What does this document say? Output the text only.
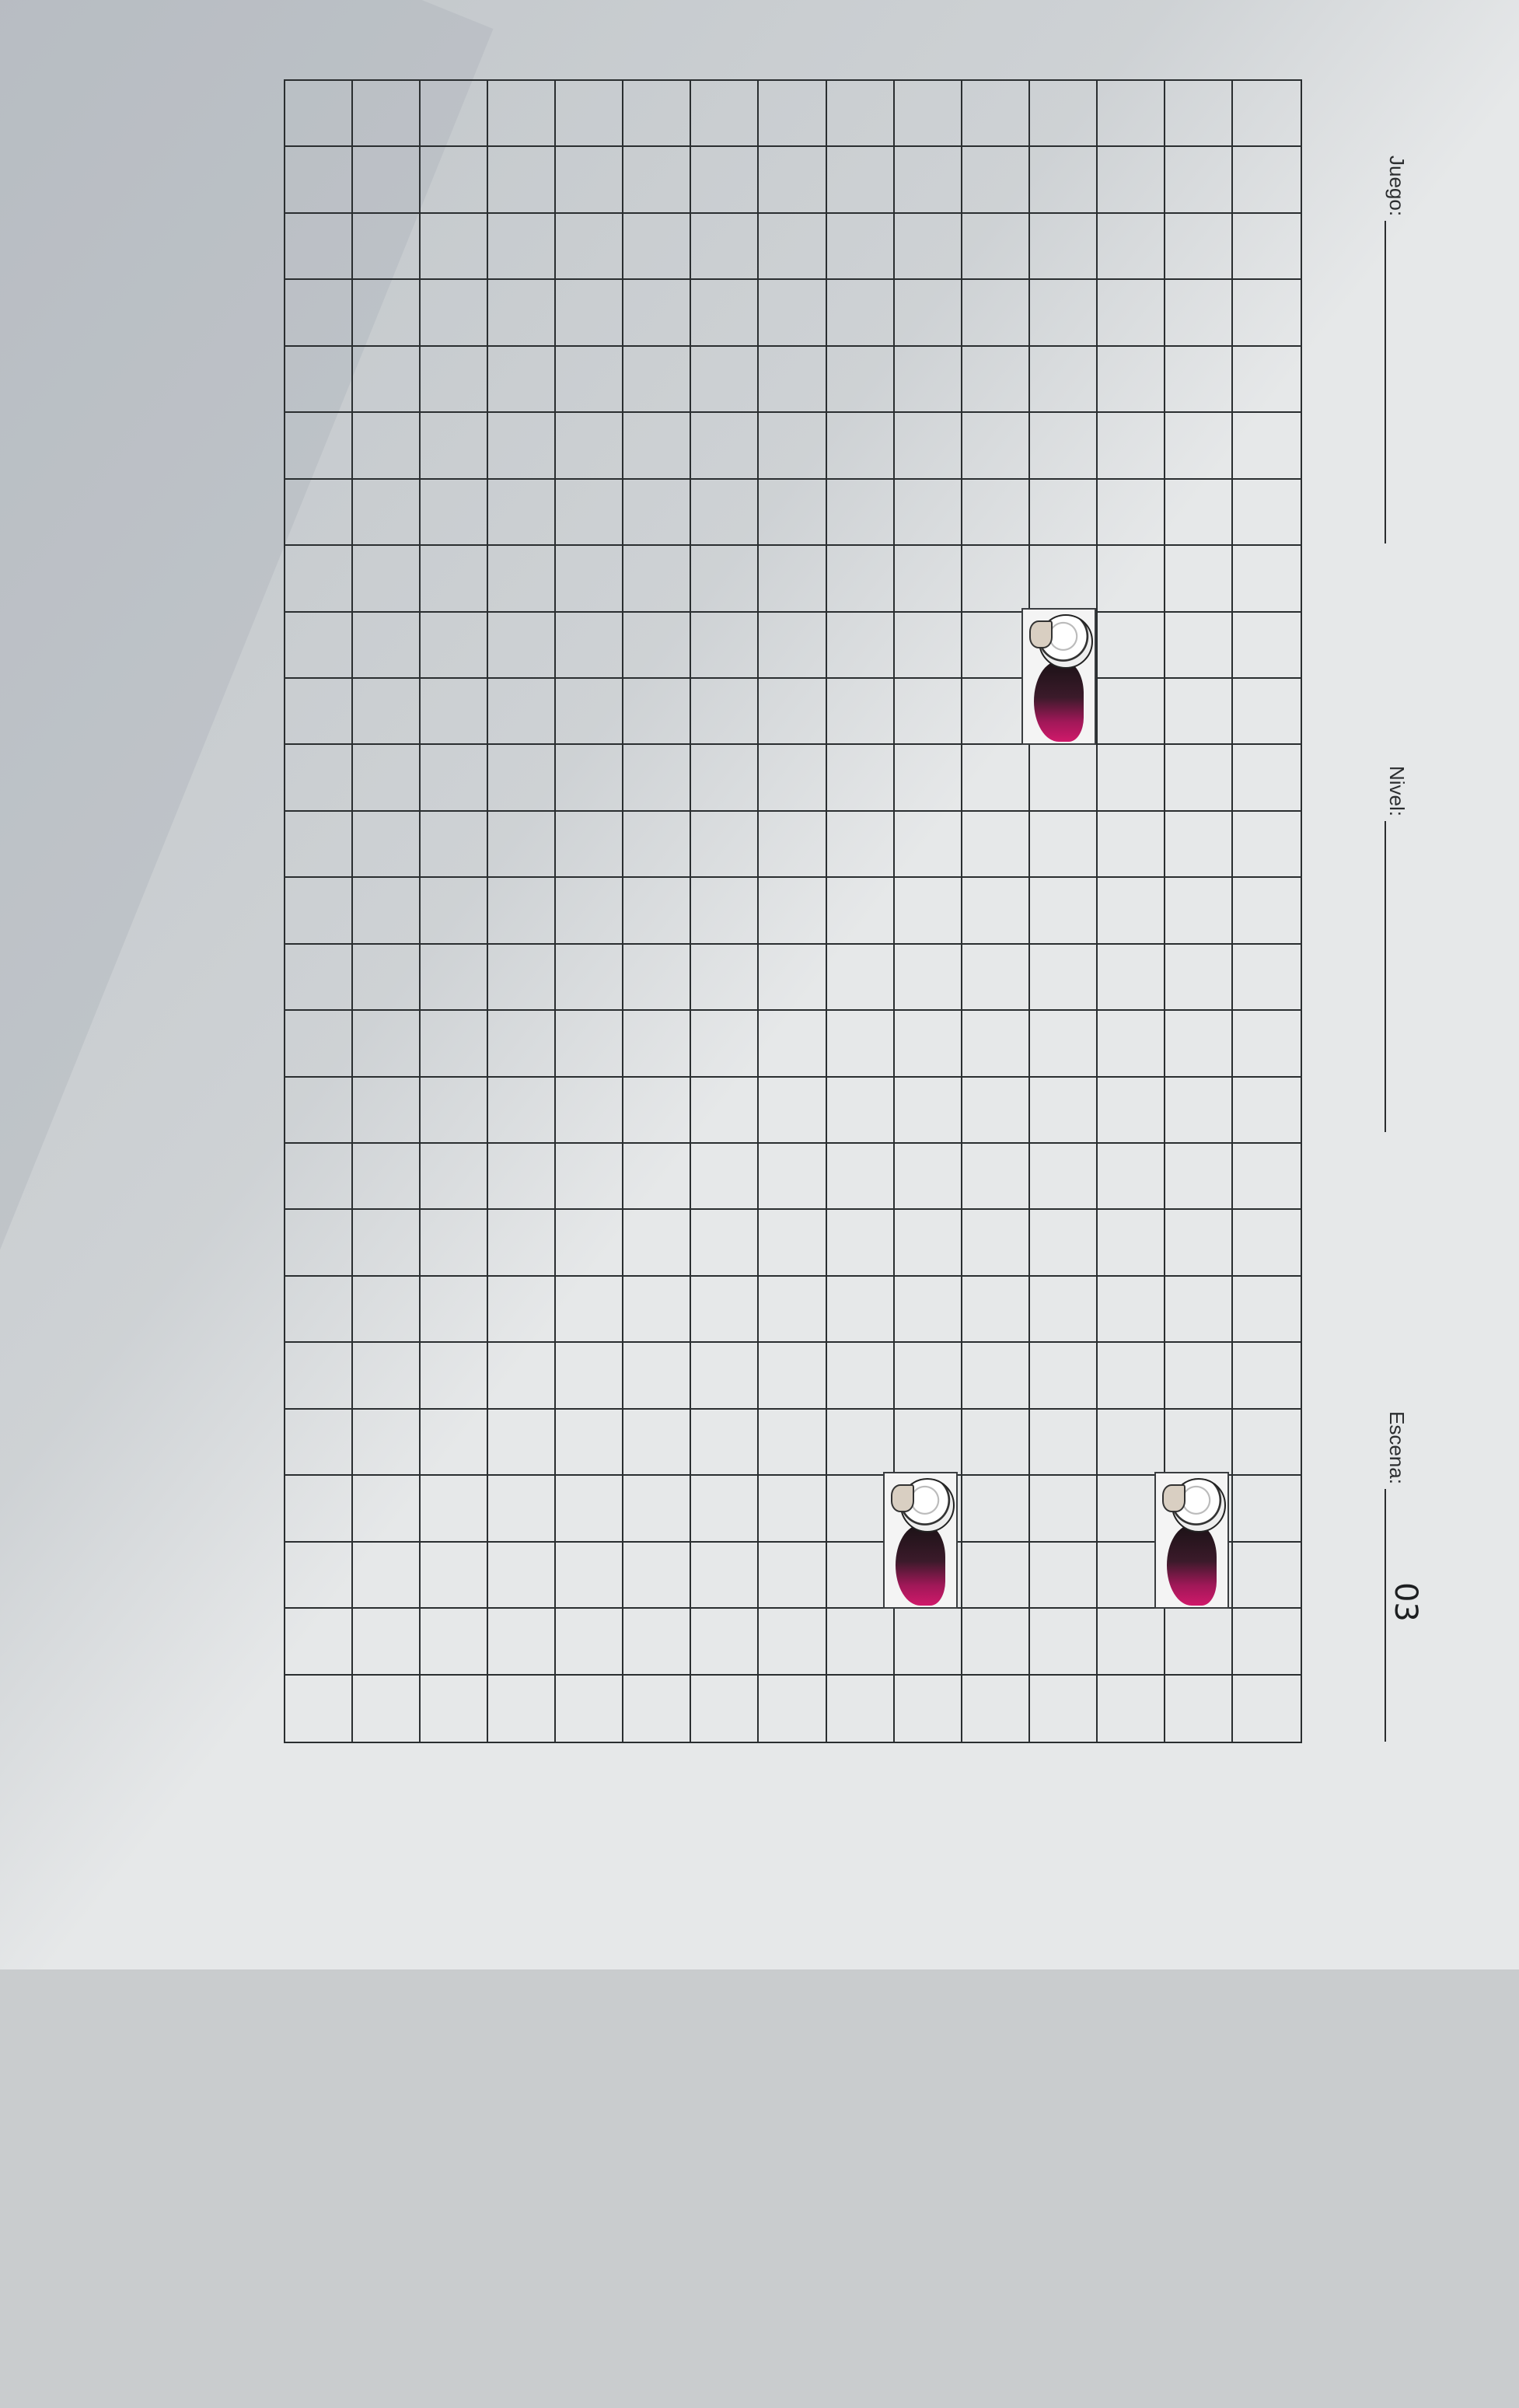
Juego:
Nivel:
Escena:
03
